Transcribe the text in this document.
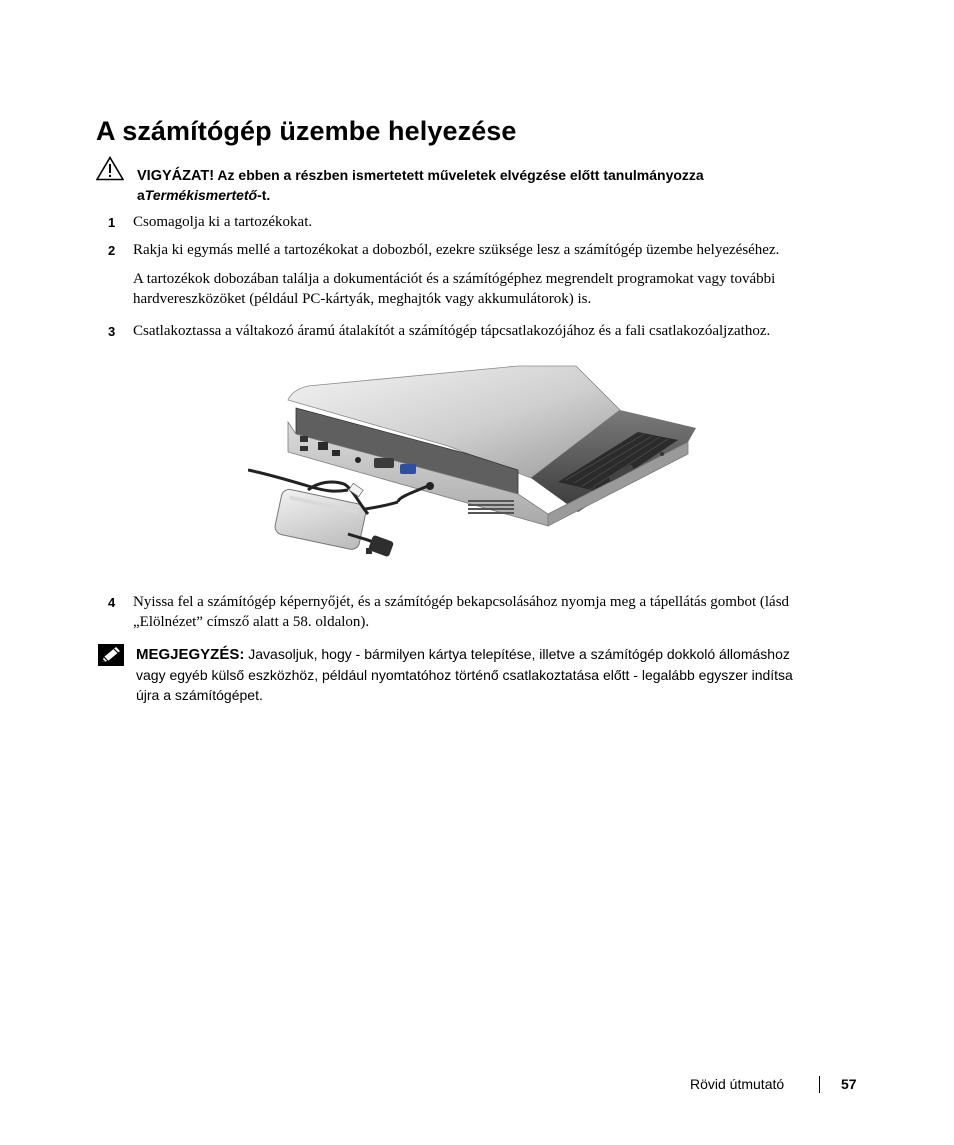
A számítógép üzembe helyezése
VIGYÁZAT! Az ebben a részben ismertetett műveletek elvégzése előtt tanulmányozza
aTermékismertető-t.
1 Csomagolja ki a tartozékokat.
2 Rakja ki egymás mellé a tartozékokat a dobozból, ezekre szüksége lesz a számítógép üzembe helyezéséhez.
A tartozékok dobozában találja a dokumentációt és a számítógéphez megrendelt programokat vagy további
hardvereszközöket (például PC-kártyák, meghajtók vagy akkumulátorok) is.
3 Csatlakoztassa a váltakozó áramú átalakítót a számítógép tápcsatlakozójához és a fali csatlakozóaljzathoz.
4 Nyissa fel a számítógép képernyőjét, és a számítógép bekapcsolásához nyomja meg a tápellátás gombot (lásd
„Elölnézet” címsző alatt a 58. oldalon).
MEGJEGYZÉS: Javasoljuk, hogy - bármilyen kártya telepítése, illetve a számítógép dokkoló állomáshoz
vagy egyéb külső eszközhöz, például nyomtatóhoz történő csatlakoztatása előtt - legalább egyszer indítsa
újra a számítógépet.
Rövid útmutató	57
